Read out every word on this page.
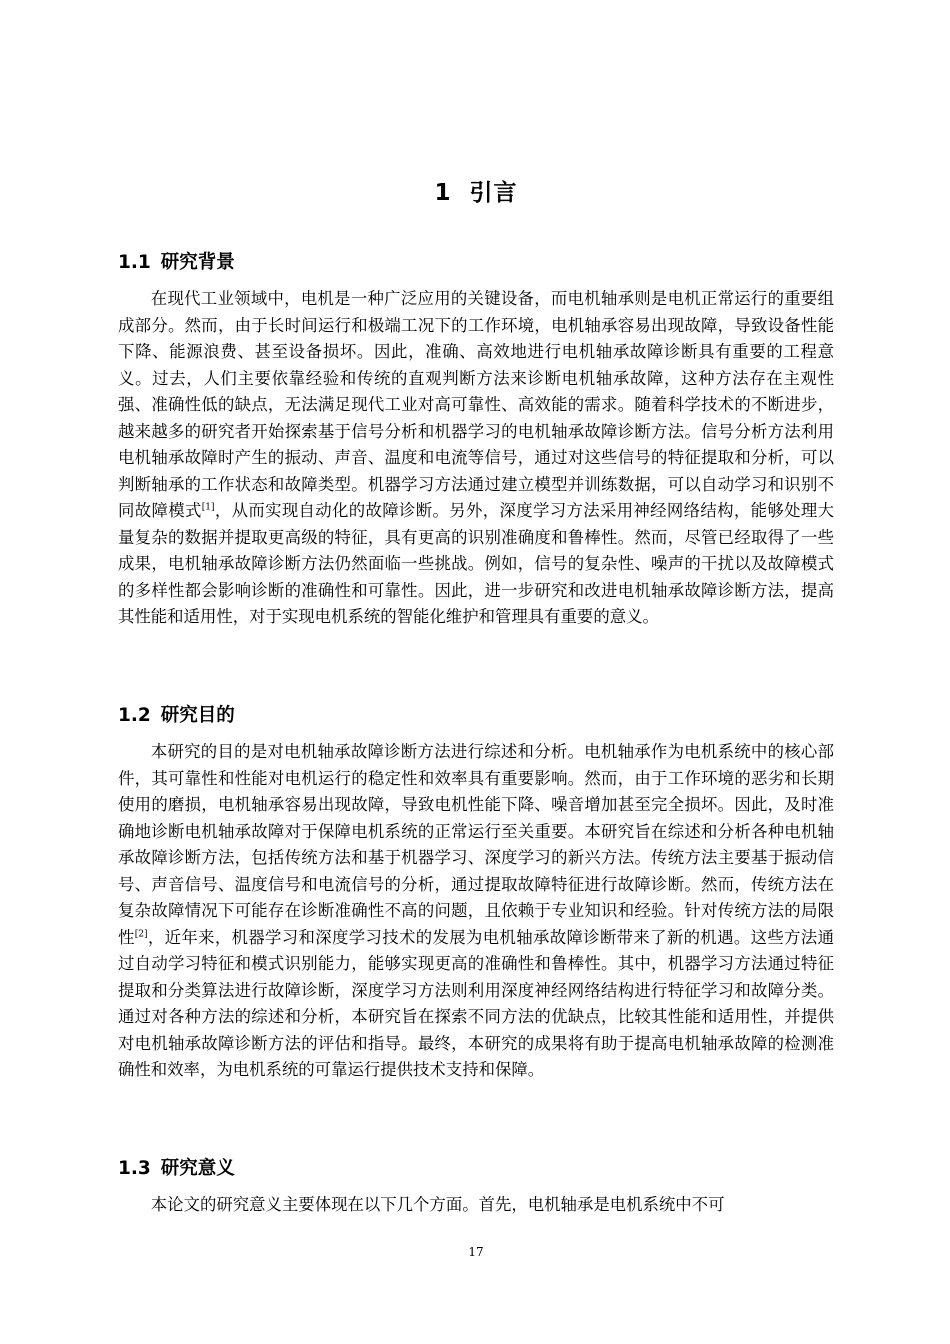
1 引言
1.1 研究背景

在现代工业领域中，电机是一种广泛应用的关键设备，而电机轴承则是电机正常运行的重要组成部分。然而，由于长时间运行和极端工况下的工作环境，电机轴承容易出现故障，导致设备性能下降、能源浪费、甚至设备损坏。因此，准确、高效地进行电机轴承故障诊断具有重要的工程意义。过去，人们主要依靠经验和传统的直观判断方法来诊断电机轴承故障，这种方法存在主观性强、准确性低的缺点，无法满足现代工业对高可靠性、高效能的需求。随着科学技术的不断进步，越来越多的研究者开始探索基于信号分析和机器学习的电机轴承故障诊断方法。信号分析方法利用电机轴承故障时产生的振动、声音、温度和电流等信号，通过对这些信号的特征提取和分析，可以判断轴承的工作状态和故障类型。机器学习方法通过建立模型并训练数据，可以自动学习和识别不同故障模式[1]，从而实现自动化的故障诊断。另外，深度学习方法采用神经网络结构，能够处理大量复杂的数据并提取更高级的特征，具有更高的识别准确度和鲁棒性。然而，尽管已经取得了一些成果，电机轴承故障诊断方法仍然面临一些挑战。例如，信号的复杂性、噪声的干扰以及故障模式的多样性都会影响诊断的准确性和可靠性。因此，进一步研究和改进电机轴承故障诊断方法，提高其性能和适用性，对于实现电机系统的智能化维护和管理具有重要的意义。

1.2 研究目的

本研究的目的是对电机轴承故障诊断方法进行综述和分析。电机轴承作为电机系统中的核心部件，其可靠性和性能对电机运行的稳定性和效率具有重要影响。然而，由于工作环境的恶劣和长期使用的磨损，电机轴承容易出现故障，导致电机性能下降、噪音增加甚至完全损坏。因此，及时准确地诊断电机轴承故障对于保障电机系统的正常运行至关重要。本研究旨在综述和分析各种电机轴承故障诊断方法，包括传统方法和基于机器学习、深度学习的新兴方法。传统方法主要基于振动信号、声音信号、温度信号和电流信号的分析，通过提取故障特征进行故障诊断。然而，传统方法在复杂故障情况下可能存在诊断准确性不高的问题，且依赖于专业知识和经验。针对传统方法的局限性[2]，近年来，机器学习和深度学习技术的发展为电机轴承故障诊断带来了新的机遇。这些方法通过自动学习特征和模式识别能力，能够实现更高的准确性和鲁棒性。其中，机器学习方法通过特征提取和分类算法进行故障诊断，深度学习方法则利用深度神经网络结构进行特征学习和故障分类。通过对各种方法的综述和分析，本研究旨在探索不同方法的优缺点，比较其性能和适用性，并提供对电机轴承故障诊断方法的评估和指导。最终，本研究的成果将有助于提高电机轴承故障的检测准确性和效率，为电机系统的可靠运行提供技术支持和保障。

1.3 研究意义

本论文的研究意义主要体现在以下几个方面。首先，电机轴承是电机系统中不可

17
